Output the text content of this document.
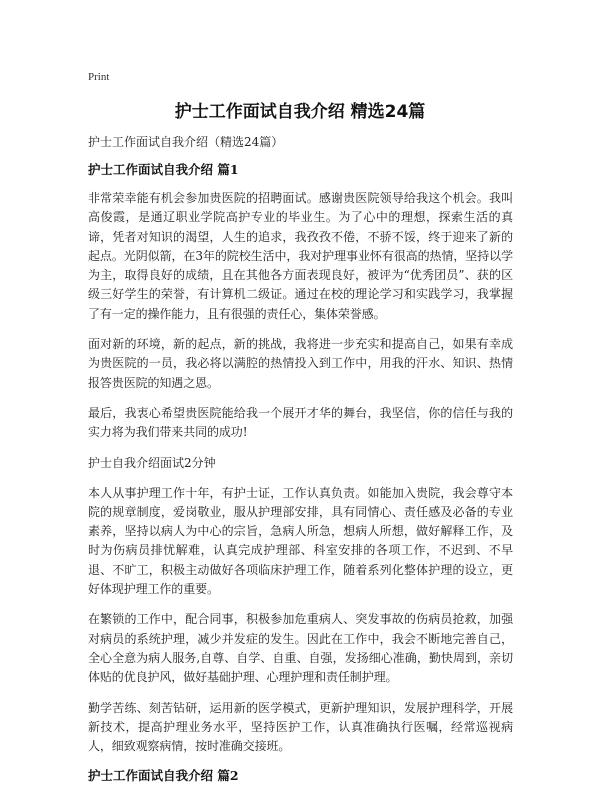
Print
护士工作面试自我介绍 精选24篇

护士工作面试自我介绍（精选24篇）

护士工作面试自我介绍 篇1

非常荣幸能有机会参加贵医院的招聘面试。感谢贵医院领导给我这个机会。我叫高俊霞，是通辽职业学院高护专业的毕业生。为了心中的理想，探索生活的真谛，凭者对知识的渴望，人生的追求，我孜孜不倦，不骄不馁，终于迎来了新的起点。光阴似箭，在3年的院校生活中，我对护理事业怀有很高的热情，坚持以学为主，取得良好的成绩，且在其他各方面表现良好，被评为“优秀团员”、获的区级三好学生的荣誉，有计算机二级证。通过在校的理论学习和实践学习，我掌握了有一定的操作能力，且有很强的责任心，集体荣誉感。

面对新的环境，新的起点，新的挑战，我将进一步充实和提高自己，如果有幸成为贵医院的一员，我必将以满腔的热情投入到工作中，用我的汗水、知识、热情报答贵医院的知遇之恩。

最后，我衷心希望贵医院能给我一个展开才华的舞台，我坚信，你的信任与我的实力将为我们带来共同的成功!

护士自我介绍面试2分钟

本人从事护理工作十年，有护士证，工作认真负责。如能加入贵院，我会尊守本院的规章制度，爱岗敬业，服从护理部安排，具有同情心、责任感及必备的专业素养，坚持以病人为中心的宗旨，急病人所急，想病人所想，做好解释工作，及时为伤病员排忧解难，认真完成护理部、科室安排的各项工作，不迟到、不早退、不旷工，积极主动做好各项临床护理工作，随着系列化整体护理的设立，更好体现护理工作的重要。

在繁锁的工作中，配合同事，积极参加危重病人、突发事故的伤病员抢救，加强对病员的系统护理，减少并发症的发生。因此在工作中，我会不断地完善自己，全心全意为病人服务,自尊、自学、自重、自强，发扬细心准确，勤快周到，亲切体贴的优良护风，做好基础护理、心理护理和责任制护理。

勤学苦练、刻苦钻研，运用新的医学模式，更新护理知识，发展护理科学，开展新技术，提高护理业务水平，坚持医护工作，认真准确执行医嘱，经常巡视病人，细致观察病情，按时准确交接班。

护士工作面试自我介绍 篇2
